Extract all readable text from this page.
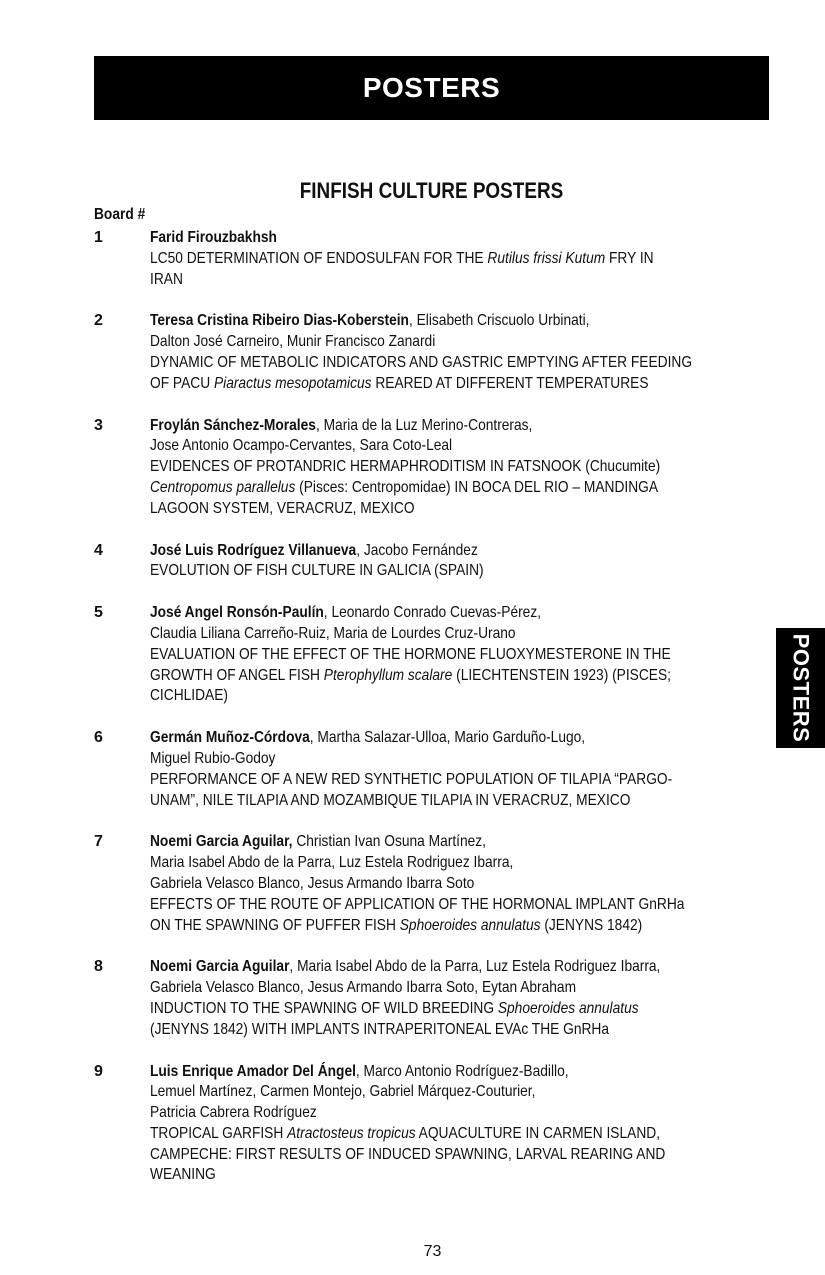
POSTERS
FINFISH CULTURE POSTERS
Board #
1	Farid Firouzbakhsh
LC50 DETERMINATION OF ENDOSULFAN FOR THE Rutilus frissi Kutum FRY IN
IRAN
2	Teresa Cristina Ribeiro Dias-Koberstein, Elisabeth Criscuolo Urbinati,
Dalton José Carneiro, Munir Francisco Zanardi
DYNAMIC OF METABOLIC INDICATORS AND GASTRIC EMPTYING AFTER FEEDING
OF PACU Piaractus mesopotamicus REARED AT DIFFERENT TEMPERATURES
3	Froylán Sánchez-Morales, Maria de la Luz Merino-Contreras,
Jose Antonio Ocampo-Cervantes, Sara Coto-Leal
EVIDENCES OF PROTANDRIC HERMAPHRODITISM IN FATSNOOK (Chucumite)
Centropomus parallelus (Pisces: Centropomidae) IN BOCA DEL RIO – MANDINGA
LAGOON SYSTEM, VERACRUZ, MEXICO
4	José Luis Rodríguez Villanueva, Jacobo Fernández
EVOLUTION OF FISH CULTURE IN GALICIA (SPAIN)
5	José Angel Ronsón-Paulín, Leonardo Conrado Cuevas-Pérez,
Claudia Liliana Carreño-Ruiz, Maria de Lourdes Cruz-Urano
EVALUATION OF THE EFFECT OF THE HORMONE FLUOXYMESTERONE IN THE
GROWTH OF ANGEL FISH Pterophyllum scalare (LIECHTENSTEIN 1923) (PISCES;
CICHLIDAE)
6	Germán Muñoz-Córdova, Martha Salazar-Ulloa, Mario Garduño-Lugo,
Miguel Rubio-Godoy
PERFORMANCE OF A NEW RED SYNTHETIC POPULATION OF TILAPIA “PARGO-
UNAM”, NILE TILAPIA AND MOZAMBIQUE TILAPIA IN VERACRUZ, MEXICO
7	Noemi Garcia Aguilar, Christian Ivan Osuna Martínez,
Maria Isabel Abdo de la Parra, Luz Estela Rodriguez Ibarra,
Gabriela Velasco Blanco, Jesus Armando Ibarra Soto
EFFECTS OF THE ROUTE OF APPLICATION OF THE HORMONAL IMPLANT GnRHa
ON THE SPAWNING OF PUFFER FISH Sphoeroides annulatus (JENYNS 1842)
8	Noemi Garcia Aguilar, Maria Isabel Abdo de la Parra, Luz Estela Rodriguez Ibarra,
Gabriela Velasco Blanco, Jesus Armando Ibarra Soto, Eytan Abraham
INDUCTION TO THE SPAWNING OF WILD BREEDING Sphoeroides annulatus
(JENYNS 1842) WITH IMPLANTS INTRAPERITONEAL EVAc THE GnRHa
9	Luis Enrique Amador Del Ángel, Marco Antonio Rodríguez-Badillo,
Lemuel Martínez, Carmen Montejo, Gabriel Márquez-Couturier,
Patricia Cabrera Rodríguez
TROPICAL GARFISH Atractosteus tropicus AQUACULTURE IN CARMEN ISLAND,
CAMPECHE: FIRST RESULTS OF INDUCED SPAWNING, LARVAL REARING AND
WEANING
POSTERS
73
